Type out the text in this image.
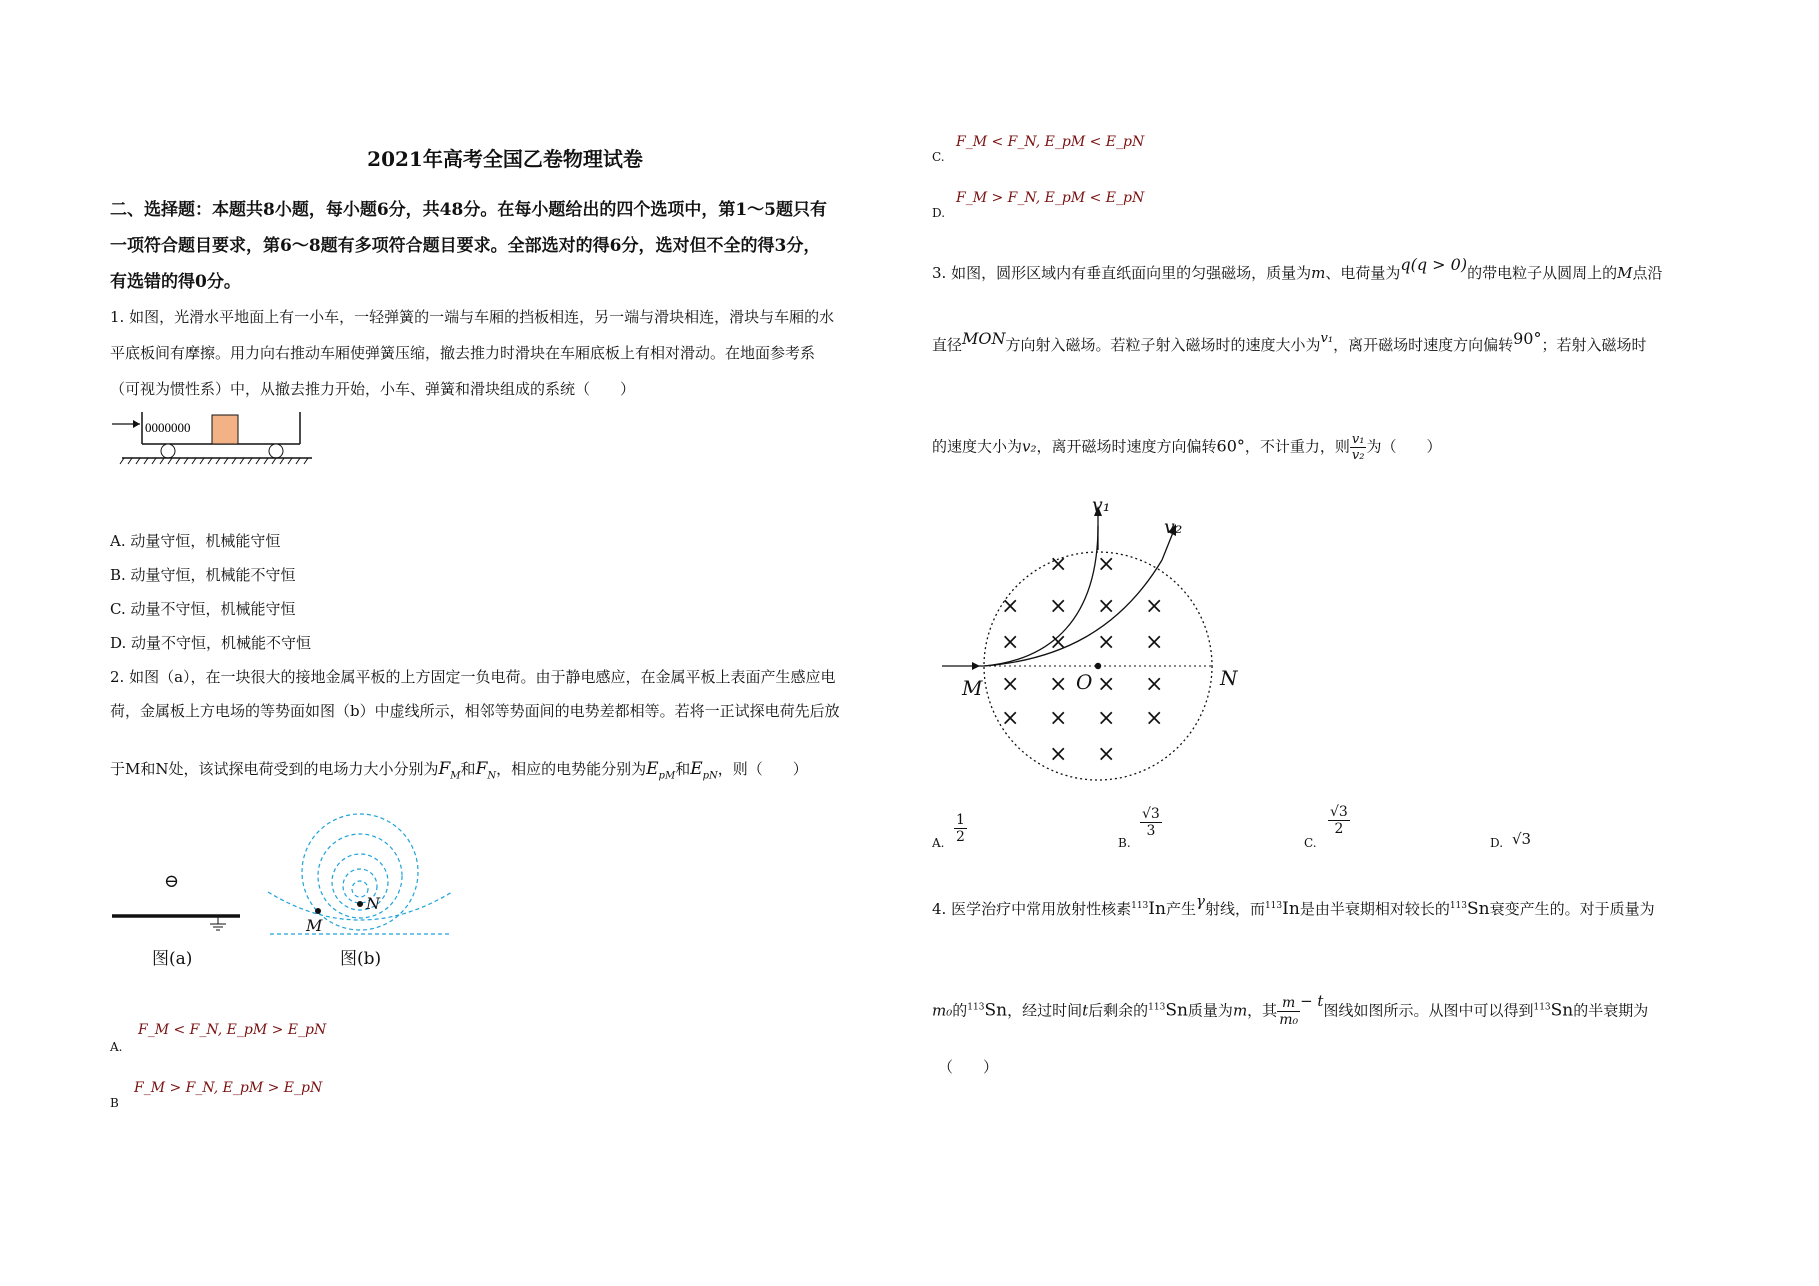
2021年高考全国乙卷物理试卷
二、选择题：本题共8小题，每小题6分，共48分。在每小题给出的四个选项中，第1～5题只有
一项符合题目要求，第6～8题有多项符合题目要求。全部选对的得6分，选对但不全的得3分，
有选错的得0分。
1. 如图，光滑水平地面上有一小车，一轻弹簧的一端与车厢的挡板相连，另一端与滑块相连，滑块与车厢的水
平底板间有摩擦。用力向右推动车厢使弹簧压缩，撤去推力时滑块在车厢底板上有相对滑动。在地面参考系
（可视为惯性系）中，从撤去推力开始，小车、弹簧和滑块组成的系统（　　）
0000000
A. 动量守恒，机械能守恒
B. 动量守恒，机械能不守恒
C. 动量不守恒，机械能守恒
D. 动量不守恒，机械能不守恒
2. 如图（a），在一块很大的接地金属平板的上方固定一负电荷。由于静电感应，在金属平板上表面产生感应电
荷，金属板上方电场的等势面如图（b）中虚线所示，相邻等势面间的电势差都相等。若将一正试探电荷先后放
于M和N处，该试探电荷受到的电场力大小分别为$F_M$和$F_N$，相应的电势能分别为$E_{pM}$和$E_{pN}$，则（　　）
⊖
图(a)
M
N
图(b)
A.
F_M < F_N, E_pM > E_pN
B
F_M > F_N, E_pM > E_pN
C.
F_M < F_N, E_pM < E_pN
D.
F_M > F_N, E_pM < E_pN
3. 如图，圆形区域内有垂直纸面向里的匀强磁场，质量为m、电荷量为q(q > 0)的带电粒子从圆周上的M点沿
直径MON方向射入磁场。若粒子射入磁场时的速度大小为v₁，离开磁场时速度方向偏转90°；若射入磁场时
的速度大小为v₂，离开磁场时速度方向偏转60°，不计重力，则 $\frac{\text{v₁}}{\text{v₂}}$ 为（　　）
× ×
× × × ×
× × × ×
× × × ×
× × × ×
× ×
v₁
v₂
M	O	N
A. $\frac{1}{2}$	B.
$\frac{√3}{3}$
C.
$\frac{√3}{2}$
D. √3
4. 医学治疗中常用放射性核素$^{113}$In产生γ射线，而$^{113}$In是由半衰期相对较长的$^{113}$Sn衰变产生的。对于质量为
m₀的$^{113}$Sn，经过时间t后剩余的$^{113}$Sn质量为m，其 $\frac{m}{\text{m₀}} - t$图线如图所示。从图中可以得到$^{113}$Sn的半衰期为
（　　）
